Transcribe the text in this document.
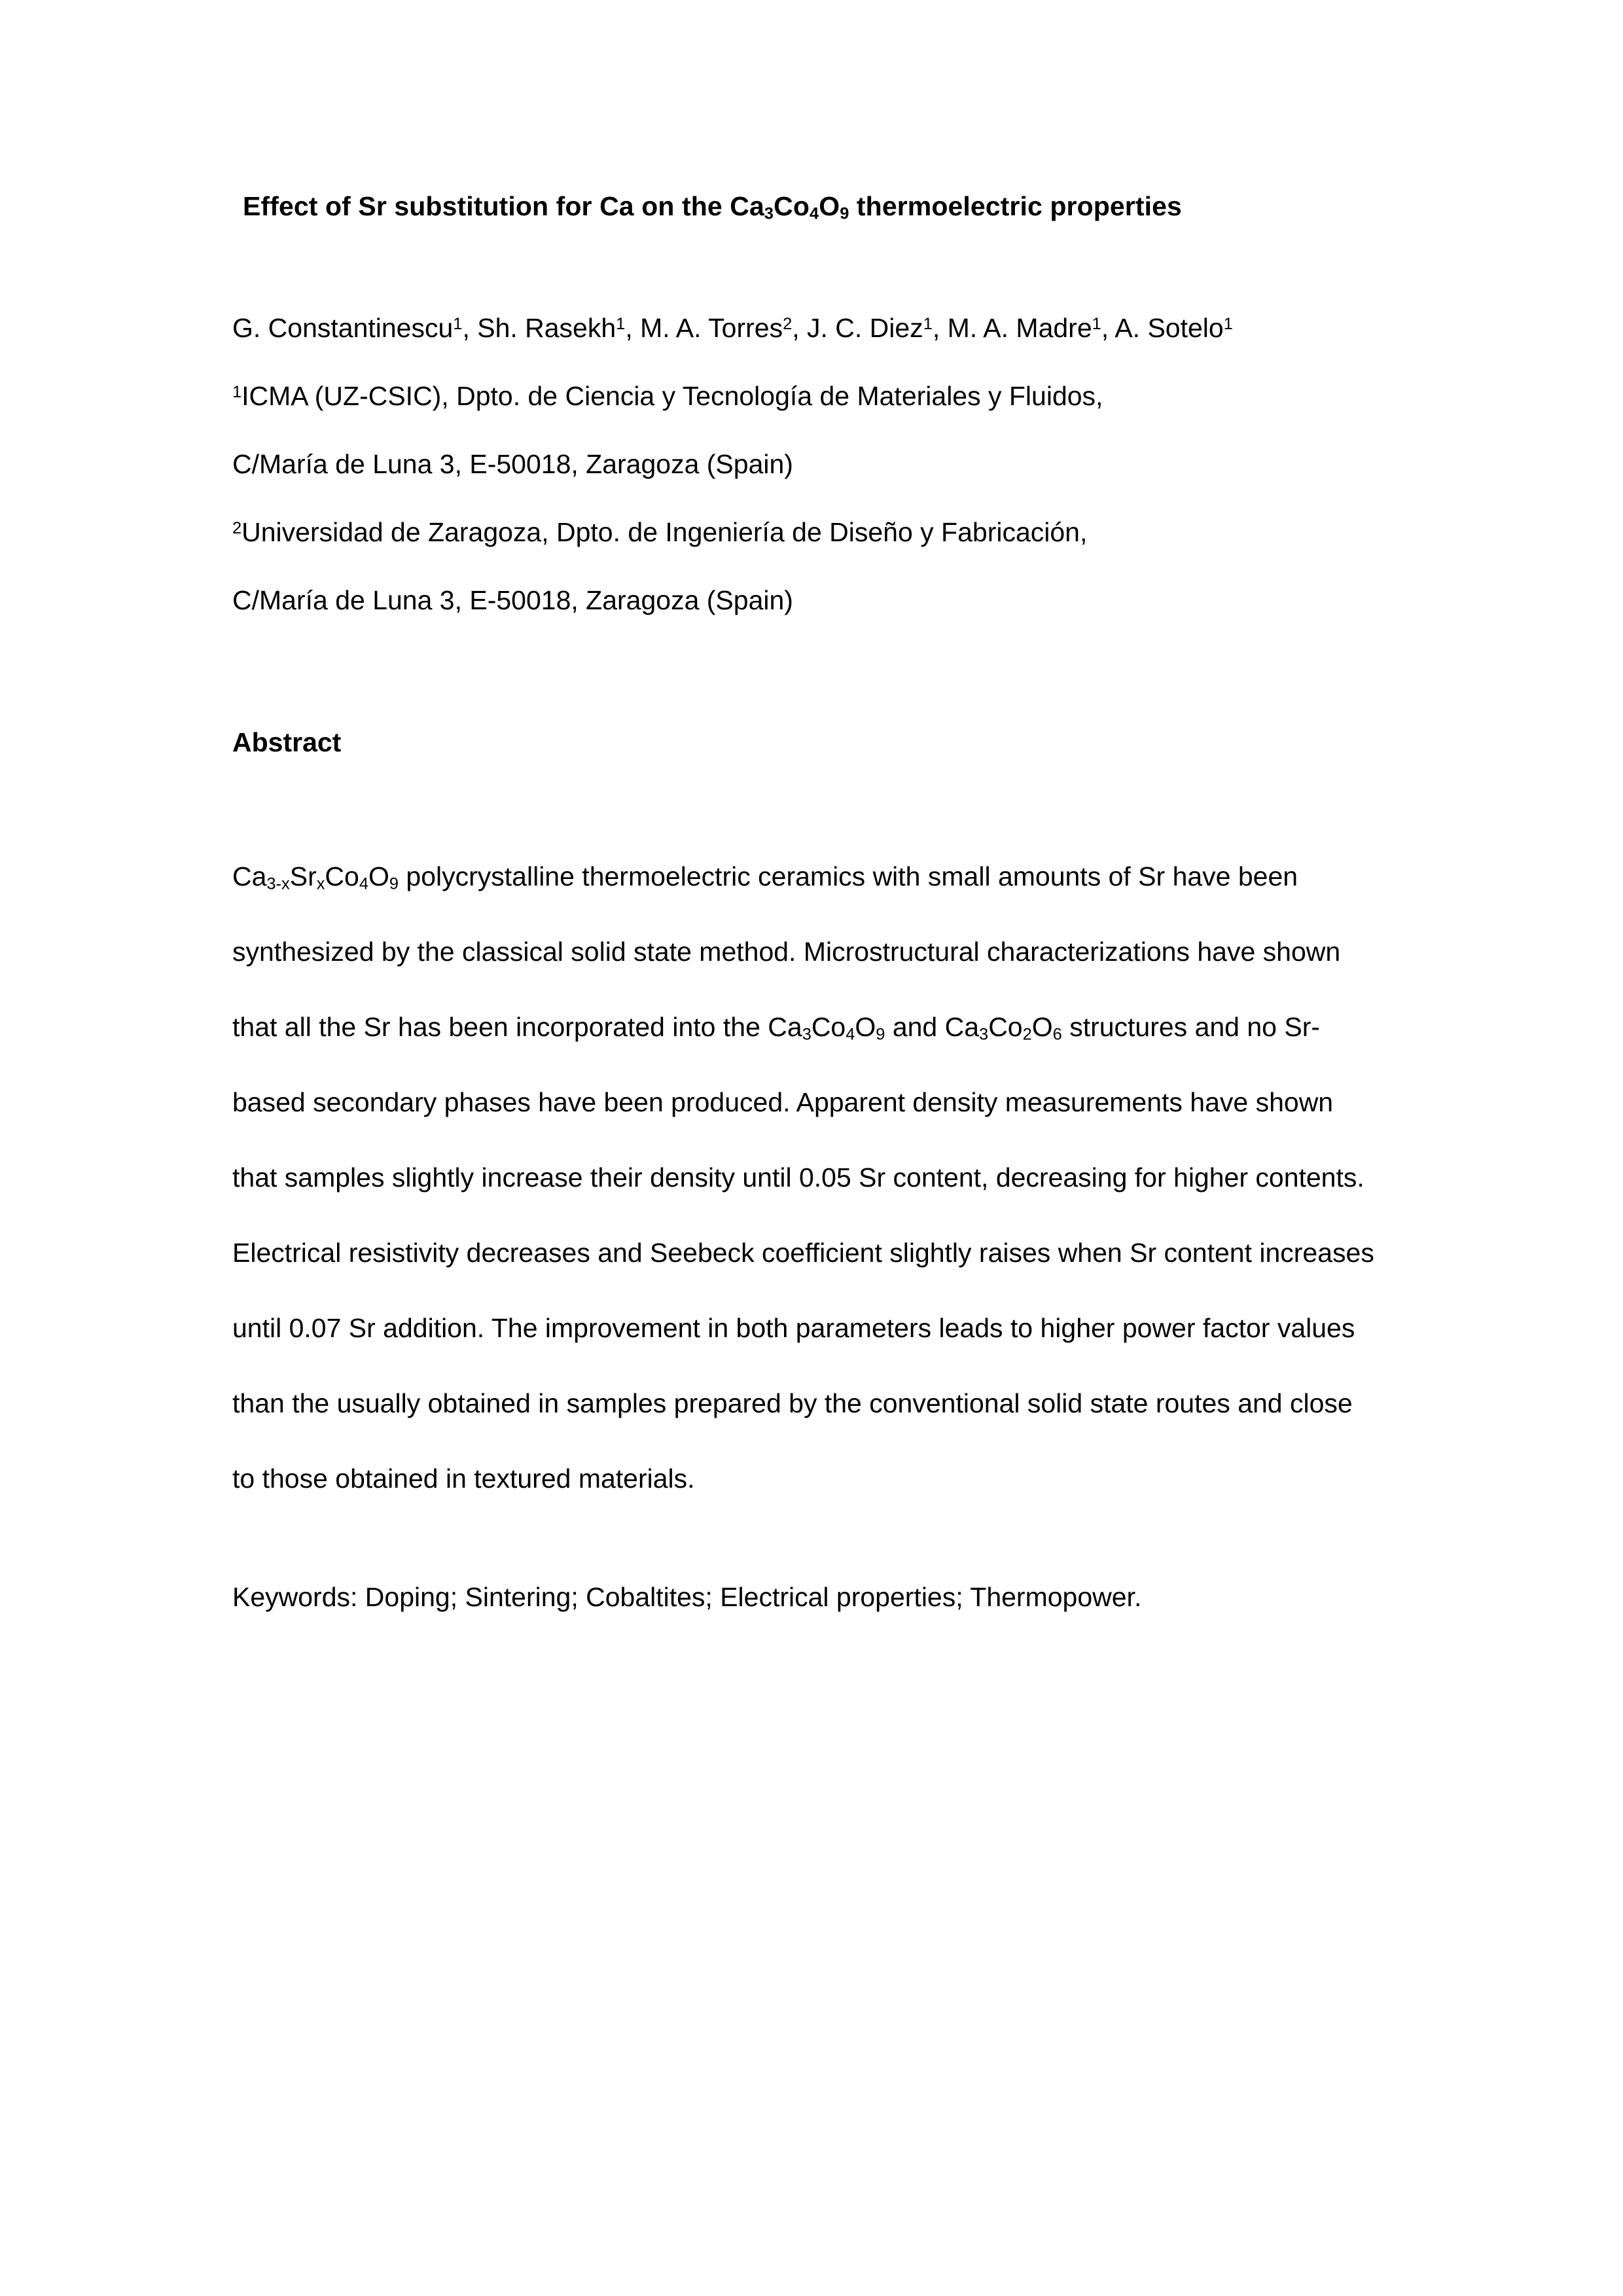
Effect of Sr substitution for Ca on the $Ca_3Co_4O_9$ thermoelectric properties

G. Constantinescu$^1$, Sh. Rasekh$^1$, M. A. Torres$^2$, J. C. Diez$^1$, M. A. Madre$^1$, A. Sotelo$^1$

$^1$ICMA (UZ-CSIC), Dpto. de Ciencia y Tecnología de Materiales y Fluidos,
C/María de Luna 3, E-50018, Zaragoza (Spain)
$^2$Universidad de Zaragoza, Dpto. de Ingeniería de Diseño y Fabricación,
C/María de Luna 3, E-50018, Zaragoza (Spain)
Abstract

$Ca_{3-x}Sr_xCo_4O_9$ polycrystalline thermoelectric ceramics with small amounts of Sr have been synthesized by the classical solid state method. Microstructural characterizations have shown that all the Sr has been incorporated into the $Ca_3Co_4O_9$ and $Ca_3Co_2O_6$ structures and no Sr-based secondary phases have been produced. Apparent density measurements have shown that samples slightly increase their density until 0.05 Sr content, decreasing for higher contents. Electrical resistivity decreases and Seebeck coefficient slightly raises when Sr content increases until 0.07 Sr addition. The improvement in both parameters leads to higher power factor values than the usually obtained in samples prepared by the conventional solid state routes and close to those obtained in textured materials.

Keywords: Doping; Sintering; Cobaltites; Electrical properties; Thermopower.
